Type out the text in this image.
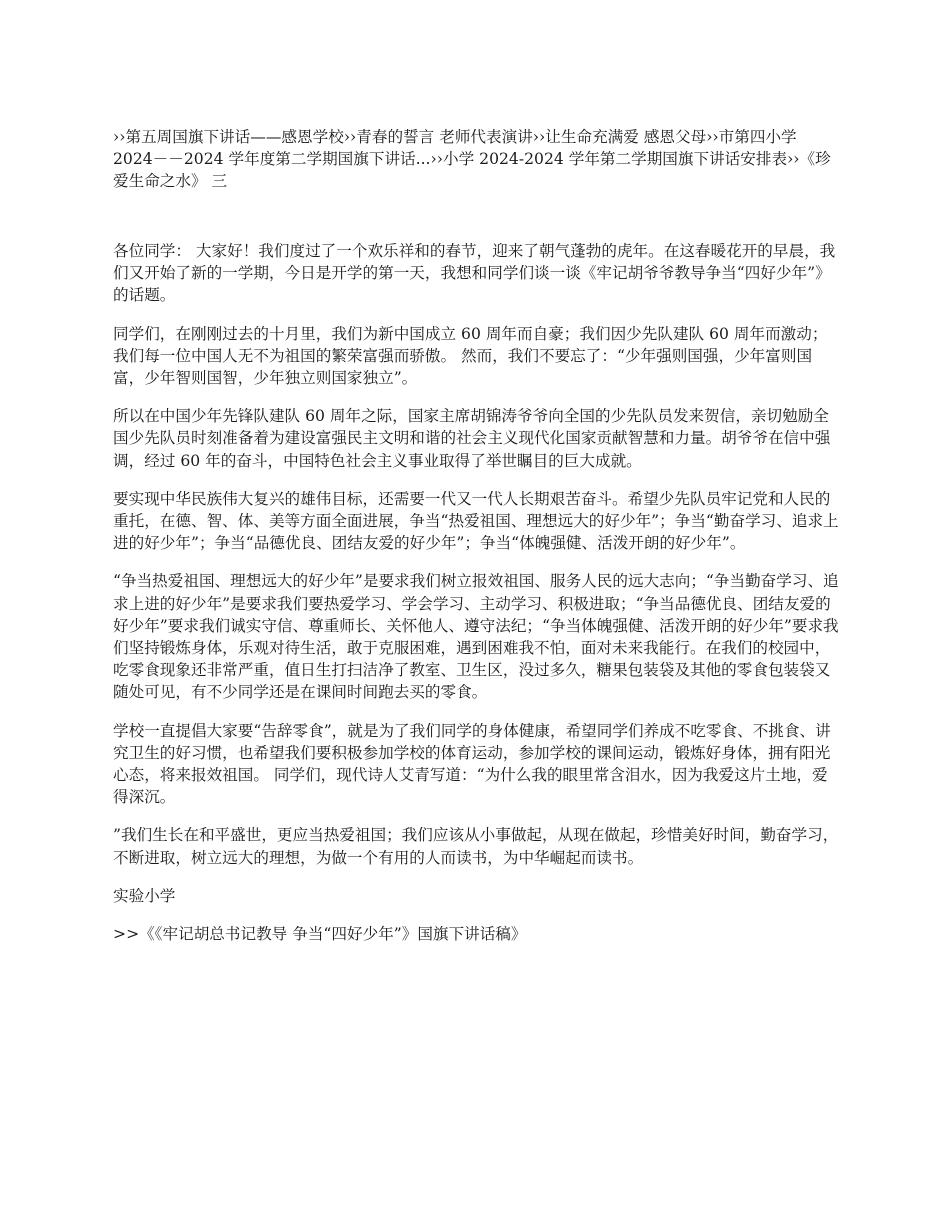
››第五周国旗下讲话——感恩学校››青春的誓言 老师代表演讲››让生命充满爱 感恩父母››市第四小学 2024－－2024 学年度第二学期国旗下讲话...››小学 2024-2024 学年第二学期国旗下讲话安排表››《珍爱生命之水》 三

各位同学： 大家好！我们度过了一个欢乐祥和的春节，迎来了朝气蓬勃的虎年。在这春暖花开的早晨，我们又开始了新的一学期，今日是开学的第一天，我想和同学们谈一谈《牢记胡爷爷教导争当“四好少年”》的话题。

同学们，在刚刚过去的十月里，我们为新中国成立 60 周年而自豪；我们因少先队建队 60 周年而激动；我们每一位中国人无不为祖国的繁荣富强而骄傲。 然而，我们不要忘了：“少年强则国强，少年富则国富，少年智则国智，少年独立则国家独立”。

所以在中国少年先锋队建队 60 周年之际，国家主席胡锦涛爷爷向全国的少先队员发来贺信，亲切勉励全国少先队员时刻准备着为建设富强民主文明和谐的社会主义现代化国家贡献智慧和力量。胡爷爷在信中强调，经过 60 年的奋斗，中国特色社会主义事业取得了举世瞩目的巨大成就。

要实现中华民族伟大复兴的雄伟目标，还需要一代又一代人长期艰苦奋斗。希望少先队员牢记党和人民的重托，在德、智、体、美等方面全面进展，争当“热爱祖国、理想远大的好少年”；争当“勤奋学习、追求上进的好少年”；争当“品德优良、团结友爱的好少年”；争当“体魄强健、活泼开朗的好少年”。

“争当热爱祖国、理想远大的好少年”是要求我们树立报效祖国、服务人民的远大志向；“争当勤奋学习、追求上进的好少年”是要求我们要热爱学习、学会学习、主动学习、积极进取；“争当品德优良、团结友爱的好少年”要求我们诚实守信、尊重师长、关怀他人、遵守法纪；“争当体魄强健、活泼开朗的好少年”要求我们坚持锻炼身体，乐观对待生活，敢于克服困难，遇到困难我不怕，面对未来我能行。在我们的校园中，吃零食现象还非常严重，值日生打扫洁净了教室、卫生区，没过多久，糖果包装袋及其他的零食包装袋又随处可见，有不少同学还是在课间时间跑去买的零食。

学校一直提倡大家要“告辞零食”，就是为了我们同学的身体健康，希望同学们养成不吃零食、不挑食、讲究卫生的好习惯，也希望我们要积极参加学校的体育运动，参加学校的课间运动，锻炼好身体，拥有阳光心态，将来报效祖国。 同学们，现代诗人艾青写道：“为什么我的眼里常含泪水，因为我爱这片土地，爱得深沉。

”我们生长在和平盛世，更应当热爱祖国；我们应该从小事做起，从现在做起，珍惜美好时间，勤奋学习，不断进取，树立远大的理想，为做一个有用的人而读书，为中华崛起而读书。

实验小学

>>《《牢记胡总书记教导 争当“四好少年”》国旗下讲话稿》
